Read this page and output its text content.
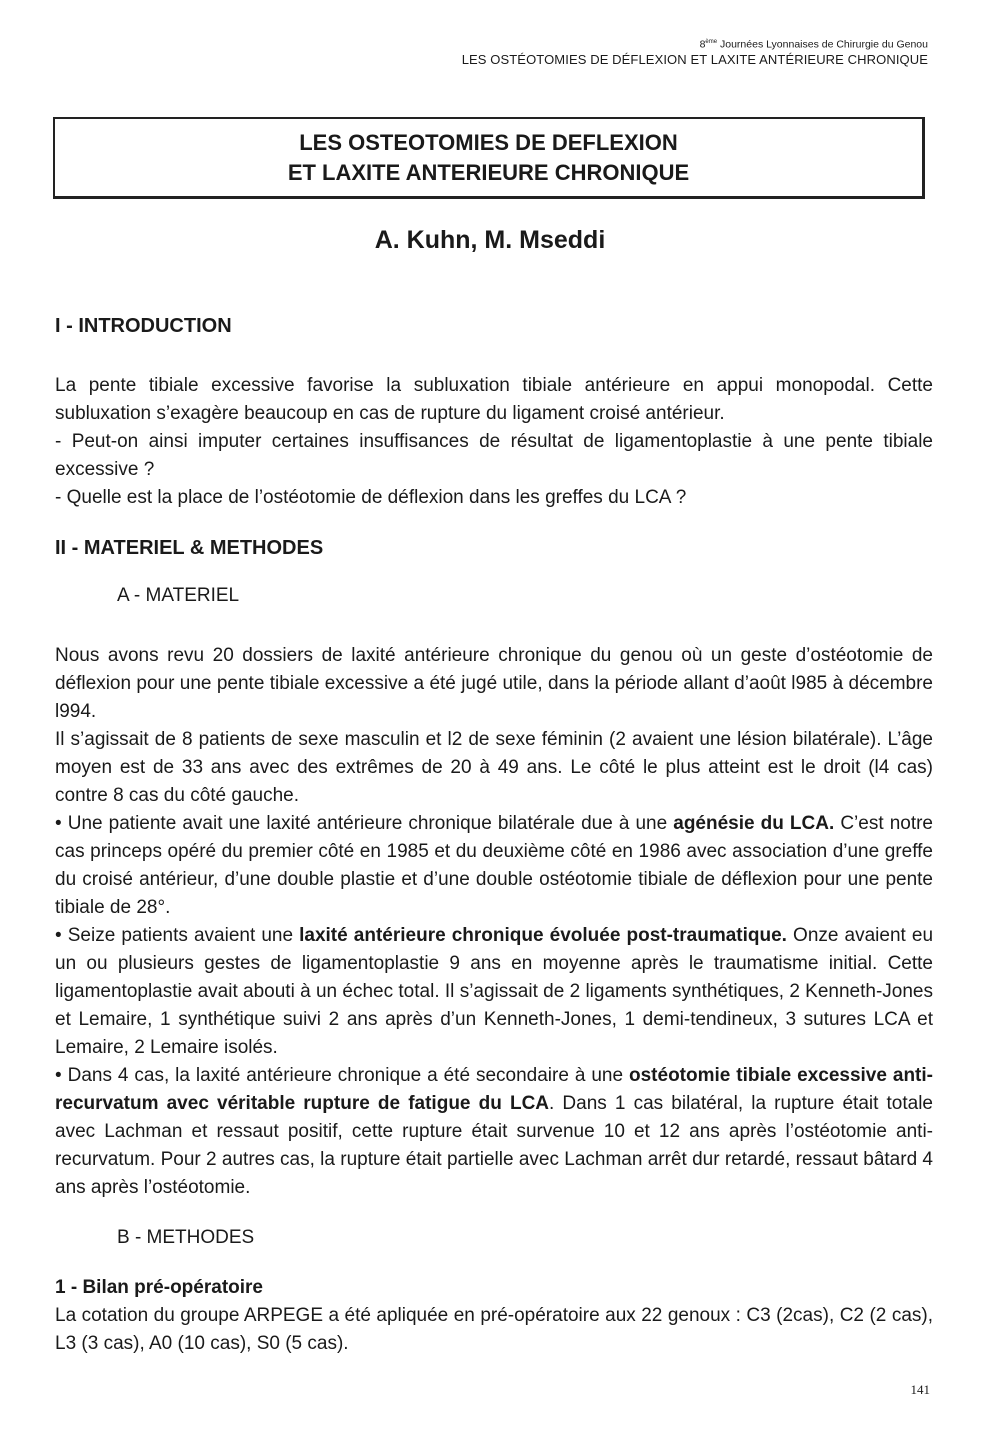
8ème Journées Lyonnaises de Chirurgie du Genou
LES OSTÉOTOMIES DE DÉFLEXION ET LAXITE ANTÉRIEURE CHRONIQUE
LES OSTEOTOMIES DE DEFLEXION
ET LAXITE ANTERIEURE CHRONIQUE
A. Kuhn, M. Mseddi
I - INTRODUCTION

La pente tibiale excessive favorise la subluxation tibiale antérieure en appui monopodal. Cette subluxation s’exagère beaucoup en cas de rupture du ligament croisé antérieur.

- Peut-on ainsi imputer certaines insuffisances de résultat de ligamentoplastie à une pente tibiale excessive ?

- Quelle est la place de l’ostéotomie de déflexion dans les greffes du LCA ?

II - MATERIEL & METHODES
A - MATERIEL

Nous avons revu 20 dossiers de laxité antérieure chronique du genou où un geste d’ostéotomie de déflexion pour une pente tibiale excessive a été jugé utile, dans la période allant d’août l985 à décembre l994.

Il s’agissait de 8 patients de sexe masculin et l2 de sexe féminin (2 avaient une lésion bilatérale). L’âge moyen est de 33 ans avec des extrêmes de 20 à 49 ans. Le côté le plus atteint est le droit (l4 cas) contre 8 cas du côté gauche.

• Une patiente avait une laxité antérieure chronique bilatérale due à une agénésie du LCA. C’est notre cas princeps opéré du premier côté en 1985 et du deuxième côté en 1986 avec association d’une greffe du croisé antérieur, d’une double plastie et d’une double ostéotomie tibiale de déflexion pour une pente tibiale de 28°.

• Seize patients avaient une laxité antérieure chronique évoluée post-traumatique. Onze avaient eu un ou plusieurs gestes de ligamentoplastie 9 ans en moyenne après le traumatisme initial. Cette ligamentoplastie avait abouti à un échec total. Il s’agissait de 2 ligaments synthétiques, 2 Kenneth-Jones et Lemaire, 1 synthétique suivi 2 ans après d’un Kenneth-Jones, 1 demi-tendineux, 3 sutures LCA et Lemaire, 2 Lemaire isolés.

• Dans 4 cas, la laxité antérieure chronique a été secondaire à une ostéotomie tibiale excessive anti-recurvatum avec véritable rupture de fatigue du LCA. Dans 1 cas bilatéral, la rupture était totale avec Lachman et ressaut positif, cette rupture était survenue 10 et 12 ans après l’ostéotomie anti-recurvatum. Pour 2 autres cas, la rupture était partielle avec Lachman arrêt dur retardé, ressaut bâtard 4 ans après l’ostéotomie.

B - METHODES
1 - Bilan pré-opératoire

La cotation du groupe ARPEGE a été apliquée en pré-opératoire aux 22 genoux : C3 (2cas), C2 (2 cas), L3 (3 cas), A0 (10 cas), S0 (5 cas).

141
